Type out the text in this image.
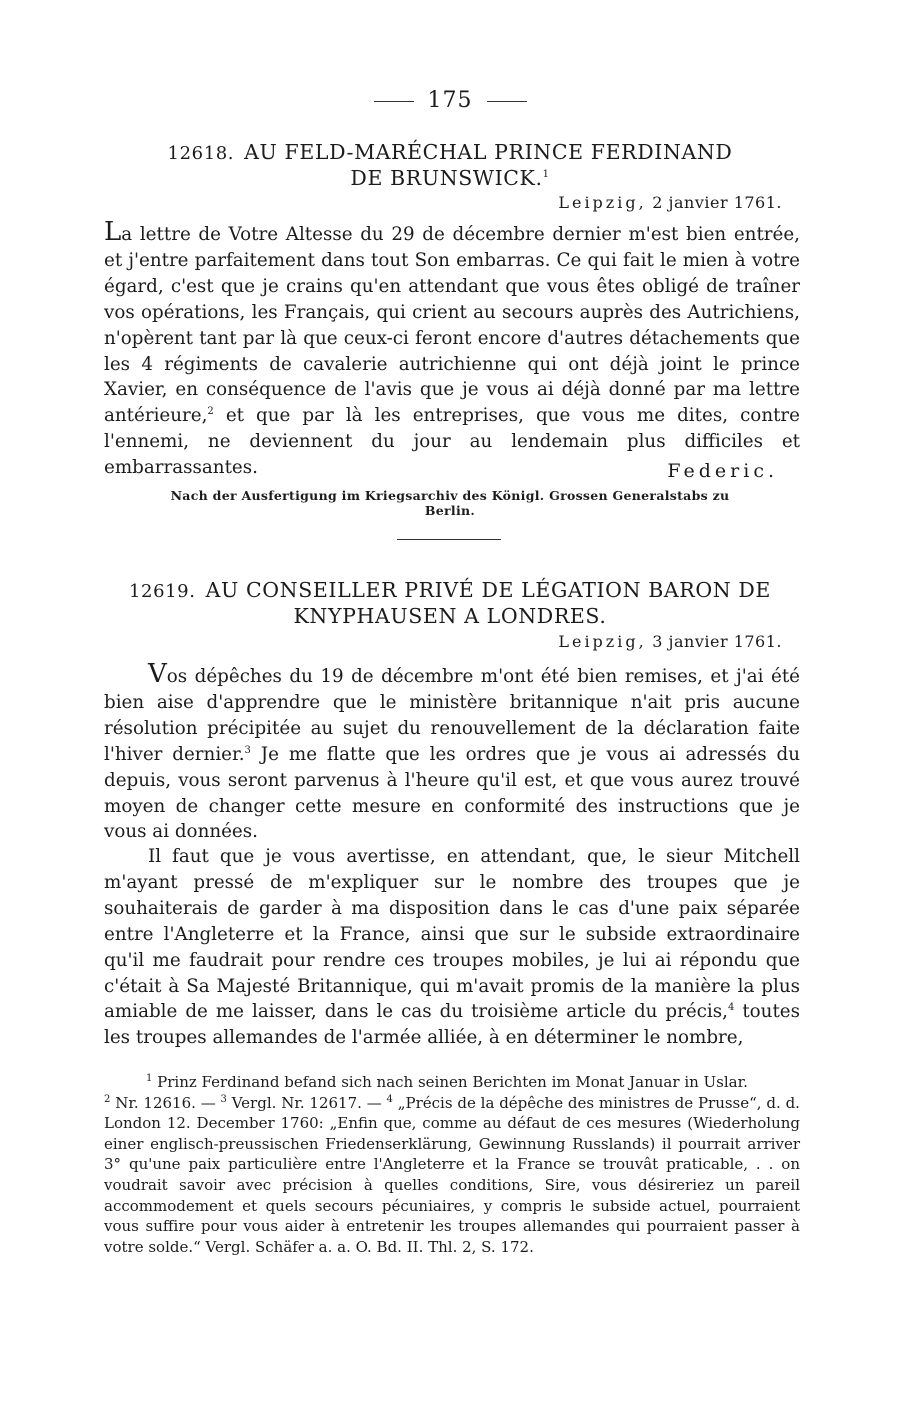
175
12618. AU FELD-MARÉCHAL PRINCE FERDINAND
DE BRUNSWICK.$^1$
Leipzig, 2 janvier 1761.

La lettre de Votre Altesse du 29 de décembre dernier m'est bien entrée, et j'entre parfaitement dans tout Son embarras. Ce qui fait le mien à votre égard, c'est que je crains qu'en attendant que vous êtes obligé de traîner vos opérations, les Français, qui crient au secours auprès des Autrichiens, n'opèrent tant par là que ceux-ci feront encore d'autres détachements que les 4 régiments de cavalerie autrichienne qui ont déjà joint le prince Xavier, en conséquence de l'avis que je vous ai déjà donné par ma lettre antérieure,$^2$ et que par là les entreprises, que vous me dites, contre l'ennemi, ne deviennent du jour au lendemain plus difficiles et embarrassantes.	Federic.
Nach der Ausfertigung im Kriegsarchiv des Königl. Grossen Generalstabs zu Berlin.
12619. AU CONSEILLER PRIVÉ DE LÉGATION BARON DE
KNYPHAUSEN A LONDRES.
Leipzig, 3 janvier 1761.

Vos dépêches du 19 de décembre m'ont été bien remises, et j'ai été bien aise d'apprendre que le ministère britannique n'ait pris aucune résolution précipitée au sujet du renouvellement de la déclaration faite l'hiver dernier.$^3$ Je me flatte que les ordres que je vous ai adressés du depuis, vous seront parvenus à l'heure qu'il est, et que vous aurez trouvé moyen de changer cette mesure en conformité des instructions que je vous ai données.

Il faut que je vous avertisse, en attendant, que, le sieur Mitchell m'ayant pressé de m'expliquer sur le nombre des troupes que je souhaiterais de garder à ma disposition dans le cas d'une paix séparée entre l'Angleterre et la France, ainsi que sur le subside extraordinaire qu'il me faudrait pour rendre ces troupes mobiles, je lui ai répondu que c'était à Sa Majesté Britannique, qui m'avait promis de la manière la plus amiable de me laisser, dans le cas du troisième article du précis,$^4$ toutes les troupes allemandes de l'armée alliée, à en déterminer le nombre,

$^1$ Prinz Ferdinand befand sich nach seinen Berichten im Monat Januar in Uslar.

$^2$ Nr. 12616. — $^3$ Vergl. Nr. 12617. — $^4$ „Précis de la dépêche des ministres de Prusse“, d. d. London 12. December 1760: „Enfin que, comme au défaut de ces mesures (Wiederholung einer englisch-preussischen Friedenserklärung, Gewinnung Russlands) il pourrait arriver 3° qu'une paix particulière entre l'Angleterre et la France se trouvât praticable, . . on voudrait savoir avec précision à quelles conditions, Sire, vous désireriez un pareil accommodement et quels secours pécuniaires, y compris le subside actuel, pourraient vous suffire pour vous aider à entretenir les troupes allemandes qui pourraient passer à votre solde.“ Vergl. Schäfer a. a. O. Bd. II. Thl. 2, S. 172.
